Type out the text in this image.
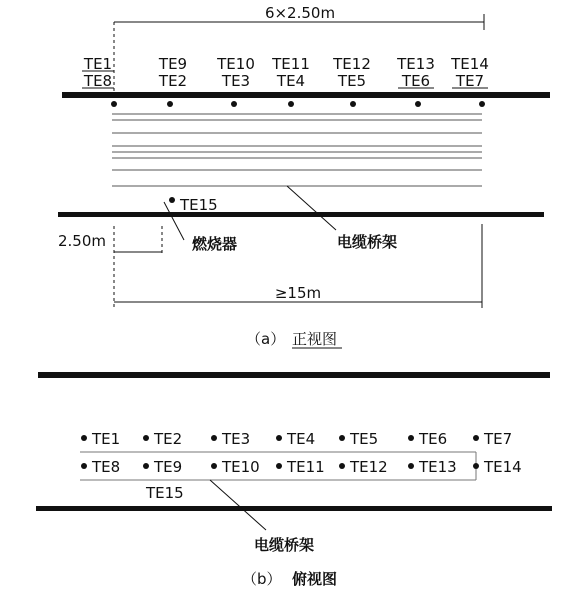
6×2.50m
TE1
TE8
TE9
TE2
TE10
TE3
TE11
TE4
TE12
TE5
TE13
TE6
TE14
TE7
电缆桥架
TE15
燃烧器
2.50m
≥15m
（a） 正视图
TE1 TE2	TE3 TE4 TE5	TE6 TE7
TE8 TE9	TE10 TE11 TE12 TE13 TE14
TE15
电缆桥架
（b） 俯视图
